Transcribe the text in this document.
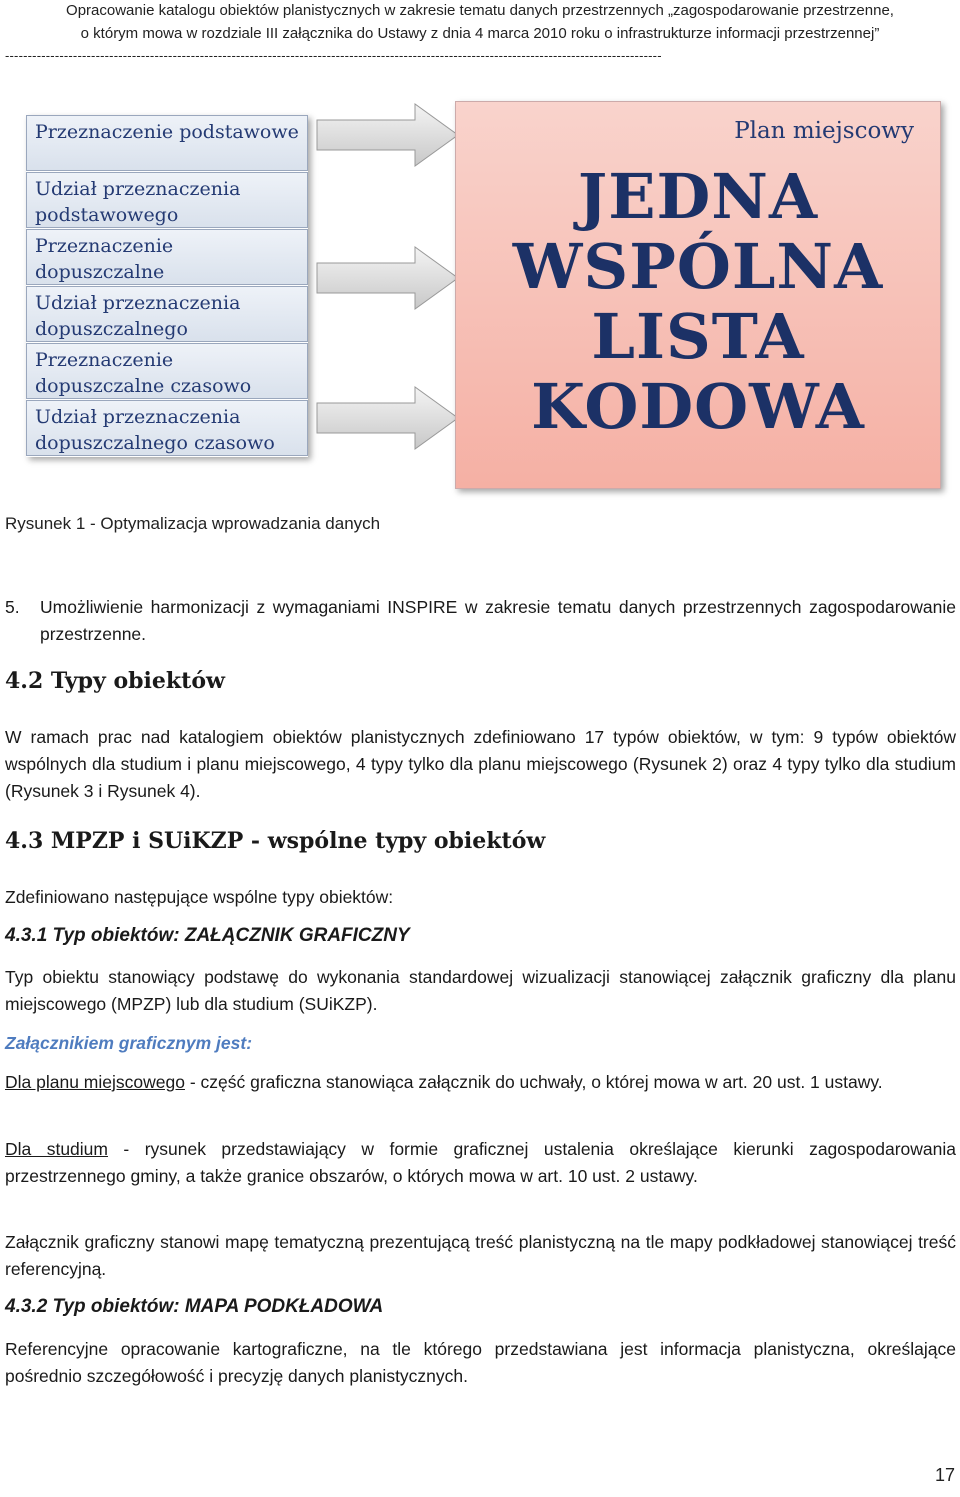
Opracowanie katalogu obiektów planistycznych w zakresie tematu danych przestrzennych „zagospodarowanie przestrzenne,
o którym mowa w rozdziale III załącznika do Ustawy z dnia 4 marca 2010 roku o infrastrukturze informacji przestrzennej”
-------------------------------------------------------------------------------------------------------------------------------------------------
Przeznaczenie podstawowe
Udział przeznaczenia podstawowego
Przeznaczenie dopuszczalne
Udział przeznaczenia dopuszczalnego
Przeznaczenie dopuszczalne czasowo
Udział przeznaczenia dopuszczalnego czasowo
Plan miejscowy
JEDNA
WSPÓLNA
LISTA
KODOWA
Rysunek 1 - Optymalizacja wprowadzania danych
5. Umożliwienie harmonizacji z wymaganiami INSPIRE w zakresie tematu danych przestrzennych zagospodarowanie przestrzenne.
4.2 Typy obiektów
W ramach prac nad katalogiem obiektów planistycznych zdefiniowano 17 typów obiektów, w tym: 9 typów obiektów wspólnych dla studium i planu miejscowego, 4 typy tylko dla planu miejscowego (Rysunek 2) oraz 4 typy tylko dla studium (Rysunek 3 i Rysunek 4).
4.3 MPZP i SUiKZP - wspólne typy obiektów
Zdefiniowano następujące wspólne typy obiektów:
4.3.1 Typ obiektów: ZAŁĄCZNIK GRAFICZNY
Typ obiektu stanowiący podstawę do wykonania standardowej wizualizacji stanowiącej załącznik graficzny dla planu miejscowego (MPZP) lub dla studium (SUiKZP).
Załącznikiem graficznym jest:
Dla planu miejscowego - część graficzna stanowiąca załącznik do uchwały, o której mowa w art. 20 ust. 1 ustawy.
Dla studium - rysunek przedstawiający w formie graficznej ustalenia określające kierunki zagospodarowania przestrzennego gminy, a także granice obszarów, o których mowa w art. 10 ust. 2 ustawy.
Załącznik graficzny stanowi mapę tematyczną prezentującą treść planistyczną na tle mapy podkładowej stanowiącej treść referencyjną.
4.3.2 Typ obiektów: MAPA PODKŁADOWA
Referencyjne opracowanie kartograficzne, na tle którego przedstawiana jest informacja planistyczna, określające pośrednio szczegółowość i precyzję danych planistycznych.
17
